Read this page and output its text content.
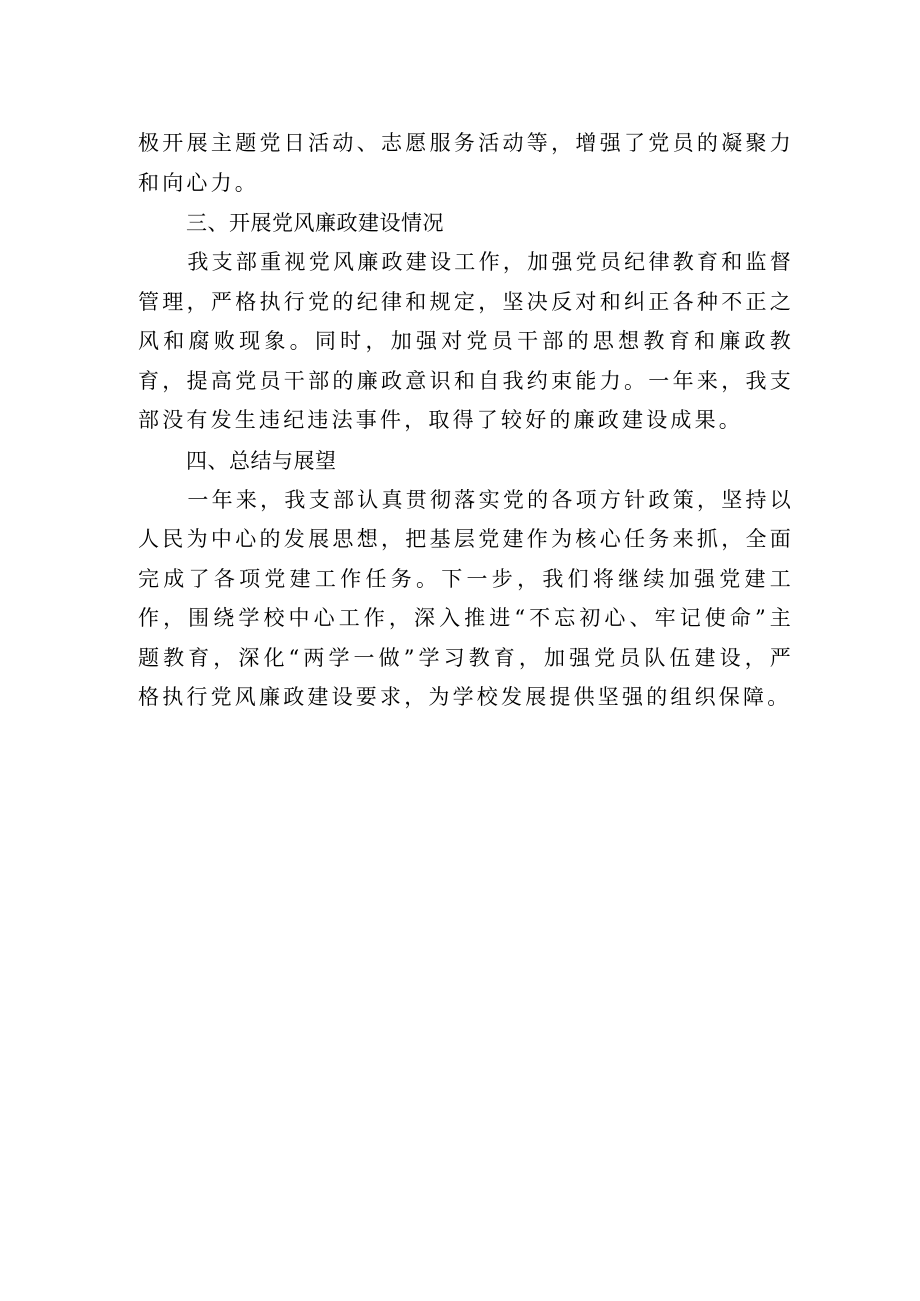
极开展主题党日活动、志愿服务活动等，增强了党员的凝聚力和向心力。

三、开展党风廉政建设情况

我支部重视党风廉政建设工作，加强党员纪律教育和监督管理，严格执行党的纪律和规定，坚决反对和纠正各种不正之风和腐败现象。同时，加强对党员干部的思想教育和廉政教育，提高党员干部的廉政意识和自我约束能力。一年来，我支部没有发生违纪违法事件，取得了较好的廉政建设成果。

四、总结与展望

一年来，我支部认真贯彻落实党的各项方针政策，坚持以人民为中心的发展思想，把基层党建作为核心任务来抓，全面完成了各项党建工作任务。下一步，我们将继续加强党建工作，围绕学校中心工作，深入推进“不忘初心、牢记使命”主题教育，深化“两学一做”学习教育，加强党员队伍建设，严格执行党风廉政建设要求，为学校发展提供坚强的组织保障。
